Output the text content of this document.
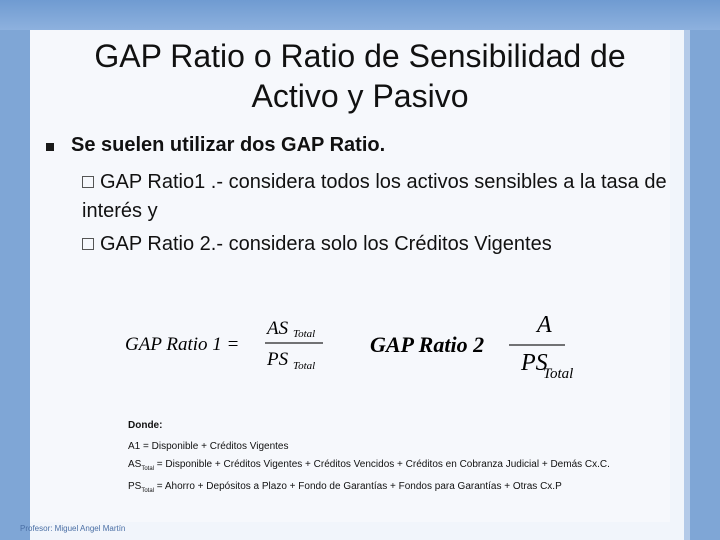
GAP Ratio o Ratio de Sensibilidad de Activo y Pasivo
Se suelen utilizar dos GAP Ratio.
GAP Ratio1 .- considera todos los activos sensibles a la tasa de interés y
GAP Ratio 2.- considera solo los Créditos Vigentes
GAP Ratio 1 =
AS Total
PS Total
GAP Ratio 2
A
PS
Total
Donde:
A1 = Disponible + Créditos Vigentes
$AS_{Total}$ = Disponible + Créditos Vigentes + Créditos Vencidos + Créditos en Cobranza Judicial + Demás Cx.C.
$PS_{Total}$ = Ahorro + Depósitos a Plazo + Fondo de Garantías + Fondos para Garantías + Otras Cx.P
Profesor: Miguel Angel Martín
